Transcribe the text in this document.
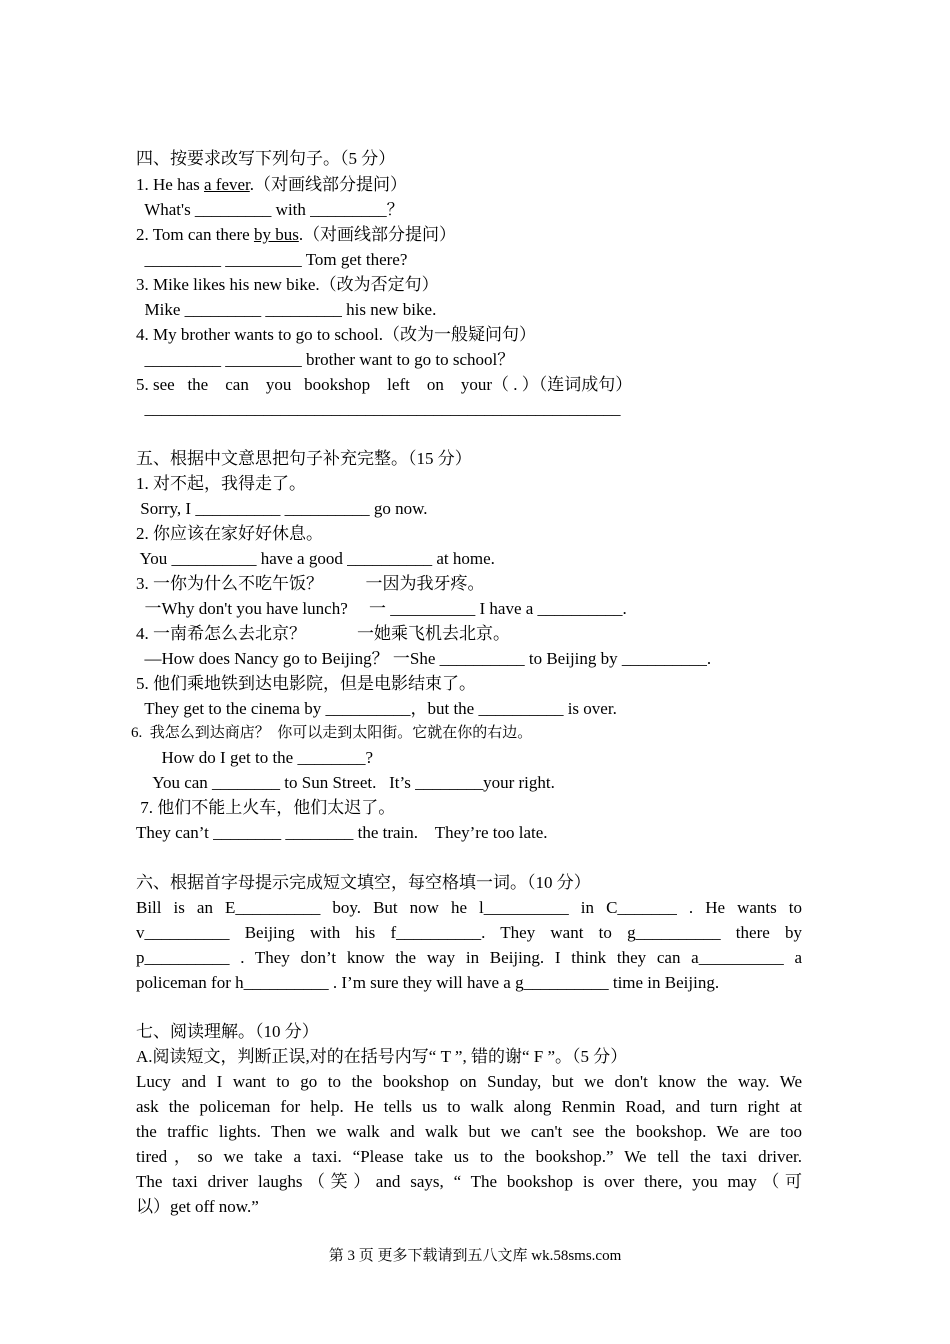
四、按要求改写下列句子。（5 分）
1. He has a fever.（对画线部分提问）
What's _________ with _________？
2. Tom can there by bus.（对画线部分提问）
_________ _________ Tom get there?
3. Mike likes his new bike.（改为否定句）
Mike _________ _________ his new bike.
4. My brother wants to go to school.（改为一般疑问句）
_________ _________ brother want to go to school？
5. see   the    can    you   bookshop    left    on    your（ . ）（连词成句）
________________________________________________________
五、根据中文意思把句子补充完整。（15 分）
1. 对不起，我得走了。
Sorry, I __________ __________ go now.
2. 你应该在家好好休息。
You __________ have a good __________ at home.
3. 一你为什么不吃午饭？          一因为我牙疼。
一Why don't you have lunch?     一 __________ I have a __________.
4. 一南希怎么去北京？            一她乘飞机去北京。
—How does Nancy go to Beijing？ 一She __________ to Beijing by __________.
5. 他们乘地铁到达电影院，但是电影结束了。
They get to the cinema by __________，but the __________ is over.
6.  我怎么到达商店？  你可以走到太阳街。它就在你的右边。
How do I get to the ________?
You can ________ to Sun Street.   It’s ________your right.
7. 他们不能上火车，他们太迟了。
They can’t ________ ________ the train.    They’re too late.
六、根据首字母提示完成短文填空，每空格填一词。（10 分）
Bill is an E__________ boy. But now he l__________ in C_______ . He wants to
v__________ Beijing with his f__________. They want to g__________ there by
p__________ . They don’t know the way in Beijing. I think they can a__________ a
policeman for h__________ . I’m sure they will have a g__________ time in Beijing.
七、阅读理解。（10 分）
A.阅读短文，判断正误,对的在括号内写“ T ”, 错的谢“ F ”。（5 分）
Lucy and I want to go to the bookshop on Sunday, but we don't know the way. We
ask the policeman for help. He tells us to walk along Renmin Road, and turn right at
the traffic lights. Then we walk and walk but we can't see the bookshop. We are too
tired，so we take a taxi. “Please take us to the bookshop.” We tell the taxi driver.
The taxi driver laughs（笑）and says, “ The bookshop is over there, you may（可
以）get off now.”
第 3 页 更多下载请到五八文库 wk.58sms.com
